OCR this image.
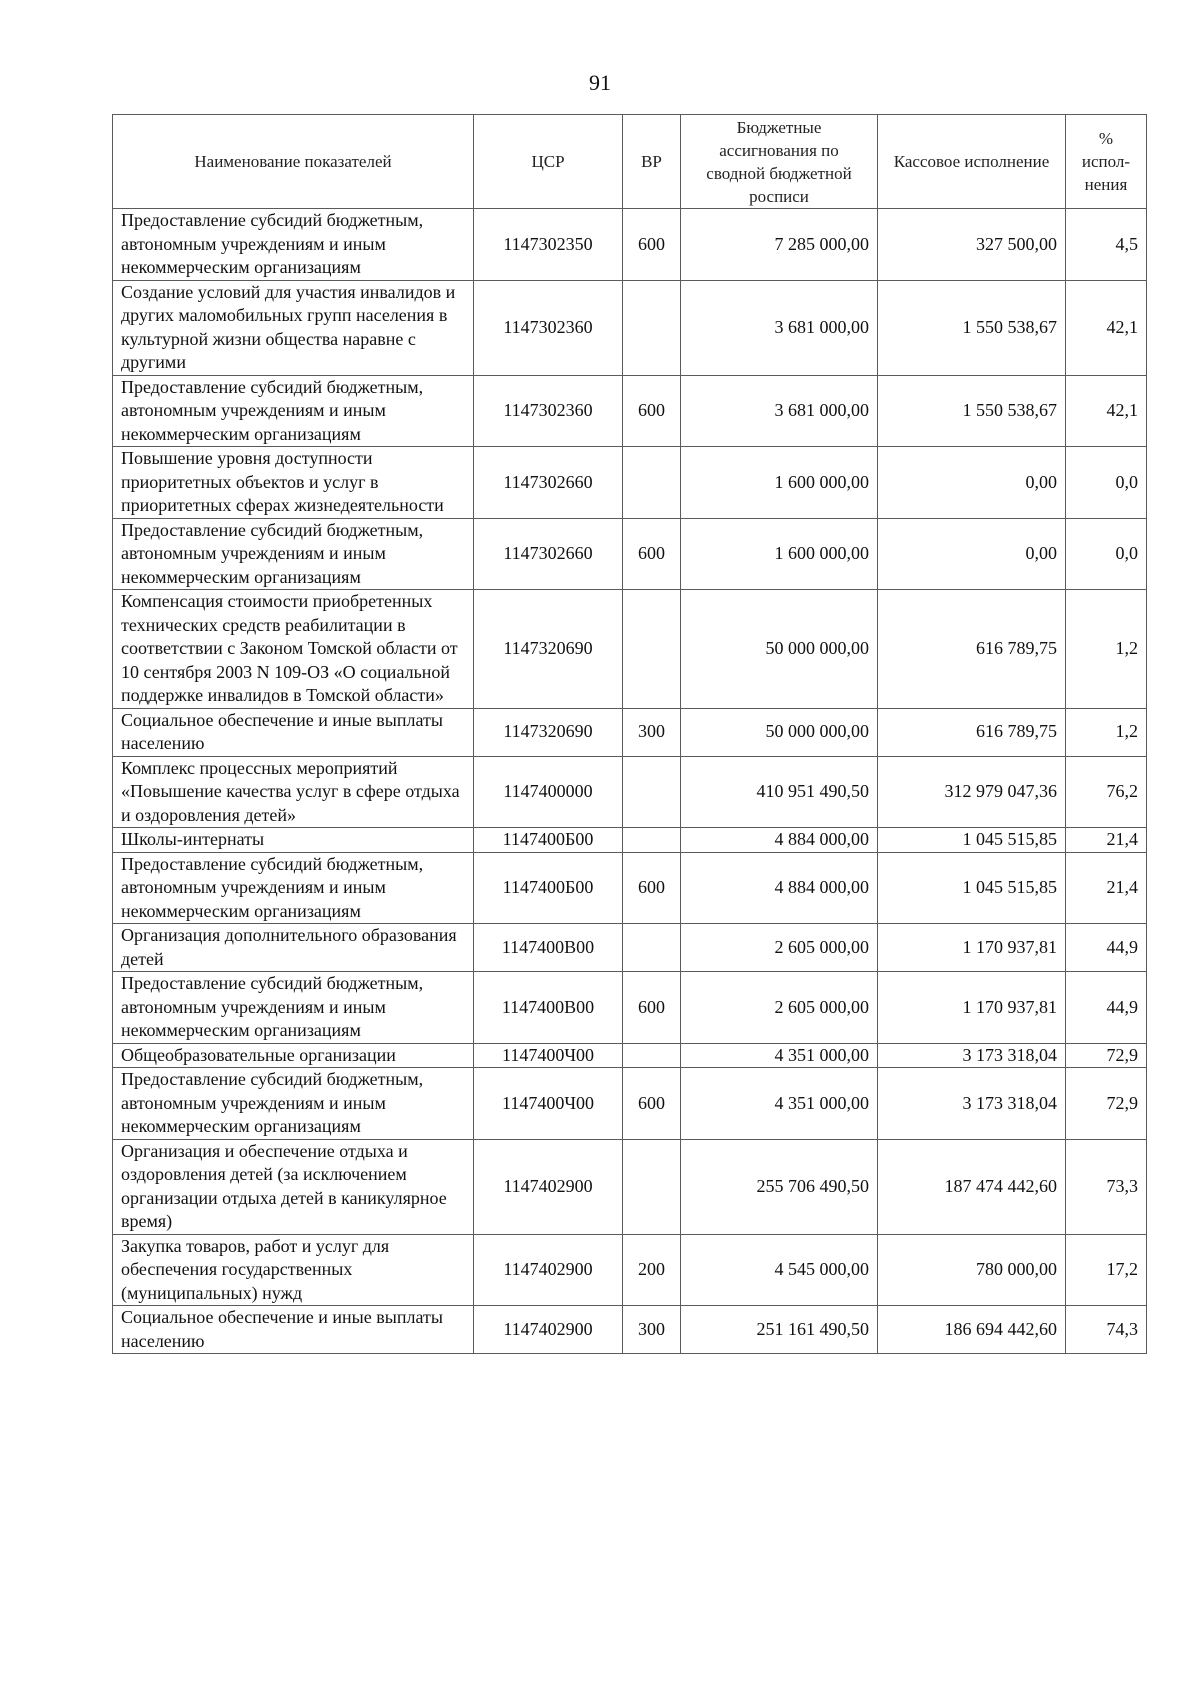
91
Наименование показателей	ЦСР	ВР	Бюджетные ассигнования по сводной бюджетной росписи	Кассовое исполнение	% испол-нения
Предоставление субсидий бюджетным, автономным учреждениям и иным некоммерческим организациям	1147302350	600	7 285 000,00	327 500,00	4,5
Создание условий для участия инвалидов и других маломобильных групп населения в культурной жизни общества наравне с другими	1147302360		3 681 000,00	1 550 538,67	42,1
Предоставление субсидий бюджетным, автономным учреждениям и иным некоммерческим организациям	1147302360	600	3 681 000,00	1 550 538,67	42,1
Повышение уровня доступности приоритетных объектов и услуг в приоритетных сферах жизнедеятельности	1147302660		1 600 000,00	0,00	0,0
Предоставление субсидий бюджетным, автономным учреждениям и иным некоммерческим организациям	1147302660	600	1 600 000,00	0,00	0,0
Компенсация стоимости приобретенных технических средств реабилитации в соответствии с Законом Томской области от 10 сентября 2003 N 109-ОЗ «О социальной поддержке инвалидов в Томской области»	1147320690		50 000 000,00	616 789,75	1,2
Социальное обеспечение и иные выплаты населению	1147320690	300	50 000 000,00	616 789,75	1,2
Комплекс процессных мероприятий «Повышение качества услуг в сфере отдыха и оздоровления детей»	1147400000		410 951 490,50	312 979 047,36	76,2
Школы-интернаты	1147400Б00		4 884 000,00	1 045 515,85	21,4
Предоставление субсидий бюджетным, автономным учреждениям и иным некоммерческим организациям	1147400Б00	600	4 884 000,00	1 045 515,85	21,4
Организация дополнительного образования детей	1147400В00		2 605 000,00	1 170 937,81	44,9
Предоставление субсидий бюджетным, автономным учреждениям и иным некоммерческим организациям	1147400В00	600	2 605 000,00	1 170 937,81	44,9
Общеобразовательные организации	1147400Ч00		4 351 000,00	3 173 318,04	72,9
Предоставление субсидий бюджетным, автономным учреждениям и иным некоммерческим организациям	1147400Ч00	600	4 351 000,00	3 173 318,04	72,9
Организация и обеспечение отдыха и оздоровления детей (за исключением организации отдыха детей в каникулярное время)	1147402900		255 706 490,50	187 474 442,60	73,3
Закупка товаров, работ и услуг для обеспечения государственных (муниципальных) нужд	1147402900	200	4 545 000,00	780 000,00	17,2
Социальное обеспечение и иные выплаты населению	1147402900	300	251 161 490,50	186 694 442,60	74,3
